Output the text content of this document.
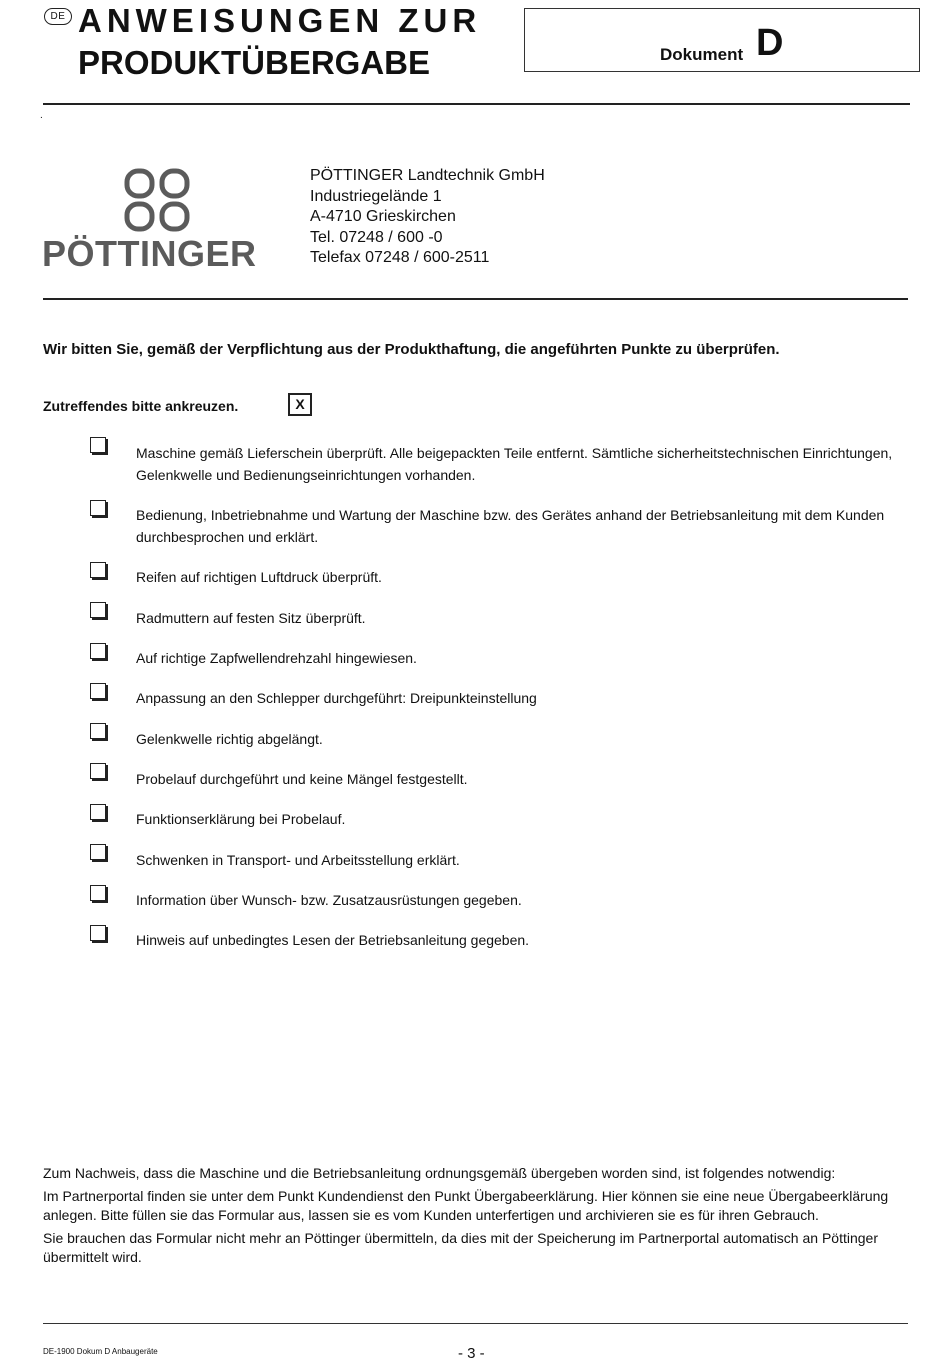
DE ANWEISUNGEN ZUR
PRODUKTÜBERGABE	Dokument D
.
PÖTTINGER
PÖTTINGER Landtechnik GmbH
Industriegelände 1
A-4710 Grieskirchen
Tel. 07248 / 600 -0
Telefax 07248 / 600-2511
Wir bitten Sie, gemäß der Verpflichtung aus der Produkthaftung, die angeführten Punkte zu überprüfen.
Zutreffendes bitte ankreuzen.	X
Maschine gemäß Lieferschein überprüft. Alle beigepackten Teile entfernt. Sämtliche sicherheitstechnischen Einrichtungen, Gelenkwelle und Bedienungseinrichtungen vorhanden.
Bedienung, Inbetriebnahme und Wartung der Maschine bzw. des Gerätes anhand der Betriebsanleitung mit dem Kunden durchbesprochen und erklärt.
Reifen auf richtigen Luftdruck überprüft.
Radmuttern auf festen Sitz überprüft.
Auf richtige Zapfwellendrehzahl hingewiesen.
Anpassung an den Schlepper durchgeführt: Dreipunkteinstellung
Gelenkwelle richtig abgelängt.
Probelauf durchgeführt und keine Mängel festgestellt.
Funktionserklärung bei Probelauf.
Schwenken in Transport- und Arbeitsstellung erklärt.
Information über Wunsch- bzw. Zusatzausrüstungen gegeben.
Hinweis auf unbedingtes Lesen der Betriebsanleitung gegeben.
Zum Nachweis, dass die Maschine und die Betriebsanleitung ordnungsgemäß übergeben worden sind, ist folgendes notwendig:
Im Partnerportal finden sie unter dem Punkt Kundendienst den Punkt Übergabeerklärung. Hier können sie eine neue Übergabeerklärung anlegen. Bitte füllen sie das Formular aus, lassen sie es vom Kunden unterfertigen und archivieren sie es für ihren Gebrauch.
Sie brauchen das Formular nicht mehr an Pöttinger übermitteln, da dies mit der Speicherung im Partnerportal automatisch an Pöttinger übermittelt wird.
DE-1900 Dokum D Anbaugeräte	- 3 -
